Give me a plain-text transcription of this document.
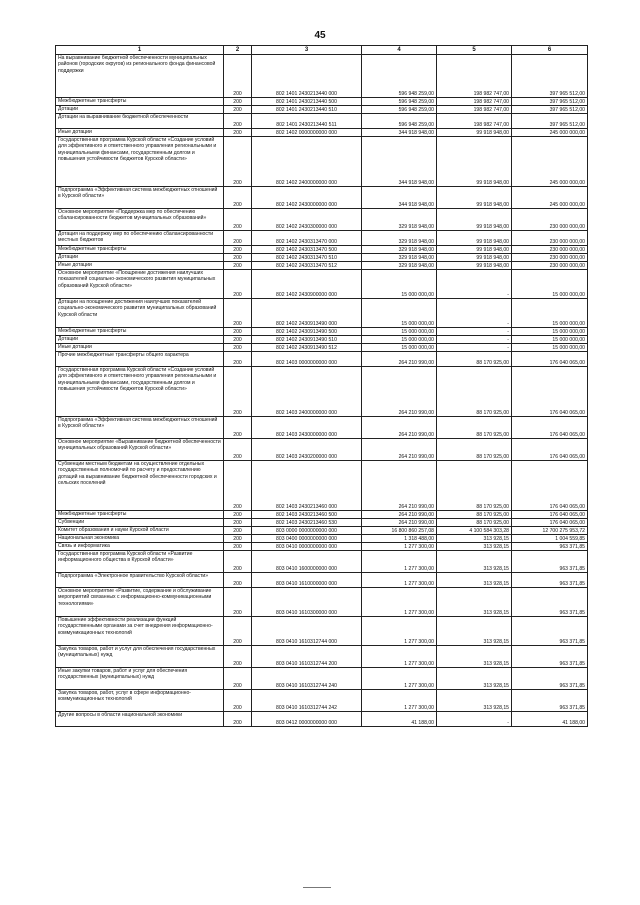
45
1	2	3	4	5	6
На выравнивание бюджетной обеспеченности муниципальных районов (городских округов) из регионального фонда финансовой поддержки	200	802 1401 2430213440 000	596 948 259,00	198 982 747,00	397 965 512,00
Межбюджетные трансферты	200	802 1401 2430213440 500	596 948 259,00	198 982 747,00	397 965 512,00
Дотации	200	802 1401 2430213440 510	596 948 259,00	198 982 747,00	397 965 512,00
Дотации на выравнивание бюджетной обеспеченности	200	802 1401 2430213440 511	596 948 259,00	198 982 747,00	397 965 512,00
Иные дотации	200	802 1402 0000000000 000	344 918 948,00	99 918 948,00	245 000 000,00
Государственная программа Курской области «Создание условий для эффективного и ответственного управления региональными и муниципальными финансами, государственным долгом и повышения устойчивости бюджетов Курской области»	200	802 1402 2400000000 000	344 918 948,00	99 918 948,00	245 000 000,00
Подпрограмма «Эффективная система межбюджетных отношений в Курской области»	200	802 1402 2430000000 000	344 918 948,00	99 918 948,00	245 000 000,00
Основное мероприятие «Поддержка мер по обеспечению сбалансированности бюджетов муниципальных образований»	200	802 1402 2430300000 000	329 918 948,00	99 918 948,00	230 000 000,00
Дотация на поддержку мер по обеспечению сбалансированности местных бюджетов	200	802 1402 2430313470 000	329 918 948,00	99 918 948,00	230 000 000,00
Межбюджетные трансферты	200	802 1402 2430313470 500	329 918 948,00	99 918 948,00	230 000 000,00
Дотации	200	802 1402 2430313470 510	329 918 948,00	99 918 948,00	230 000 000,00
Иные дотации	200	802 1402 2430313470 512	329 918 948,00	99 918 948,00	230 000 000,00
Основное мероприятие «Поощрение достижения наилучших показателей социально-экономического развития муниципальных образований Курской области»	200	802 1402 2430900000 000	15 000 000,00	-	15 000 000,00
Дотации на поощрение достижения наилучших показателей социально-экономического развития муниципальных образований Курской области	200	802 1402 2430913490 000	15 000 000,00	-	15 000 000,00
Межбюджетные трансферты	200	802 1402 2430913490 500	15 000 000,00	-	15 000 000,00
Дотации	200	802 1402 2430913490 510	15 000 000,00	-	15 000 000,00
Иные дотации	200	802 1402 2430913490 512	15 000 000,00	-	15 000 000,00
Прочие межбюджетные трансферты общего характера	200	802 1403 0000000000 000	264 210 990,00	88 170 925,00	176 040 065,00
Государственная программа Курской области «Создание условий для эффективного и ответственного управления региональными и муниципальными финансами, государственным долгом и повышения устойчивости бюджетов Курской области»	200	802 1403 2400000000 000	264 210 990,00	88 170 925,00	176 040 065,00
Подпрограмма «Эффективная система межбюджетных отношений в Курской области»	200	802 1403 2430000000 000	264 210 990,00	88 170 925,00	176 040 065,00
Основное мероприятие «Выравнивание бюджетной обеспеченности муниципальных образований Курской области»	200	802 1403 2430200000 000	264 210 990,00	88 170 925,00	176 040 065,00
Субвенции местным бюджетам на осуществление отдельных государственных полномочий по расчету и предоставлению дотаций на выравнивание бюджетной обеспеченности городских и сельских поселений	200	802 1403 2430213460 000	264 210 990,00	88 170 925,00	176 040 065,00
Межбюджетные трансферты	200	802 1403 2430213460 500	264 210 990,00	88 170 925,00	176 040 065,00
Субвенции	200	802 1403 2430213460 530	264 210 990,00	88 170 925,00	176 040 065,00
Комитет образования и науки Курской области	200	803 0000 0000000000 000	16 800 860 257,08	4 100 584 303,28	12 700 275 953,72
Национальная экономика	200	803 0400 0000000000 000	1 318 488,00	313 928,15	1 004 559,85
Связь и информатика	200	803 0410 0000000000 000	1 277 300,00	313 928,15	963 371,85
Государственная программа Курской области «Развитие информационного общества в Курской области»	200	803 0410 1600000000 000	1 277 300,00	313 928,15	963 371,85
Подпрограмма «Электронное правительство Курской области»	200	803 0410 1610000000 000	1 277 300,00	313 928,15	963 371,85
Основное мероприятие «Развитие, содержание и обслуживание мероприятий связанных с информационно-коммуникационными технологиями»	200	803 0410 1610300000 000	1 277 300,00	313 928,15	963 371,85
Повышение эффективности реализации функций государственными органами за счет внедрения информационно-коммуникационных технологий	200	803 0410 1610312744 000	1 277 300,00	313 928,15	963 371,85
Закупка товаров, работ и услуг для обеспечения государственных (муниципальных) нужд	200	803 0410 1610312744 200	1 277 300,00	313 928,15	963 371,85
Иные закупки товаров, работ и услуг для обеспечения государственных (муниципальных) нужд	200	803 0410 1610312744 240	1 277 300,00	313 928,15	963 371,85
Закупка товаров, работ, услуг в сфере информационно-коммуникационных технологий	200	803 0410 1610312744 242	1 277 300,00	313 928,15	963 371,85
Другие вопросы в области национальной экономики	200	803 0412 0000000000 000	41 188,00	-	41 188,00
